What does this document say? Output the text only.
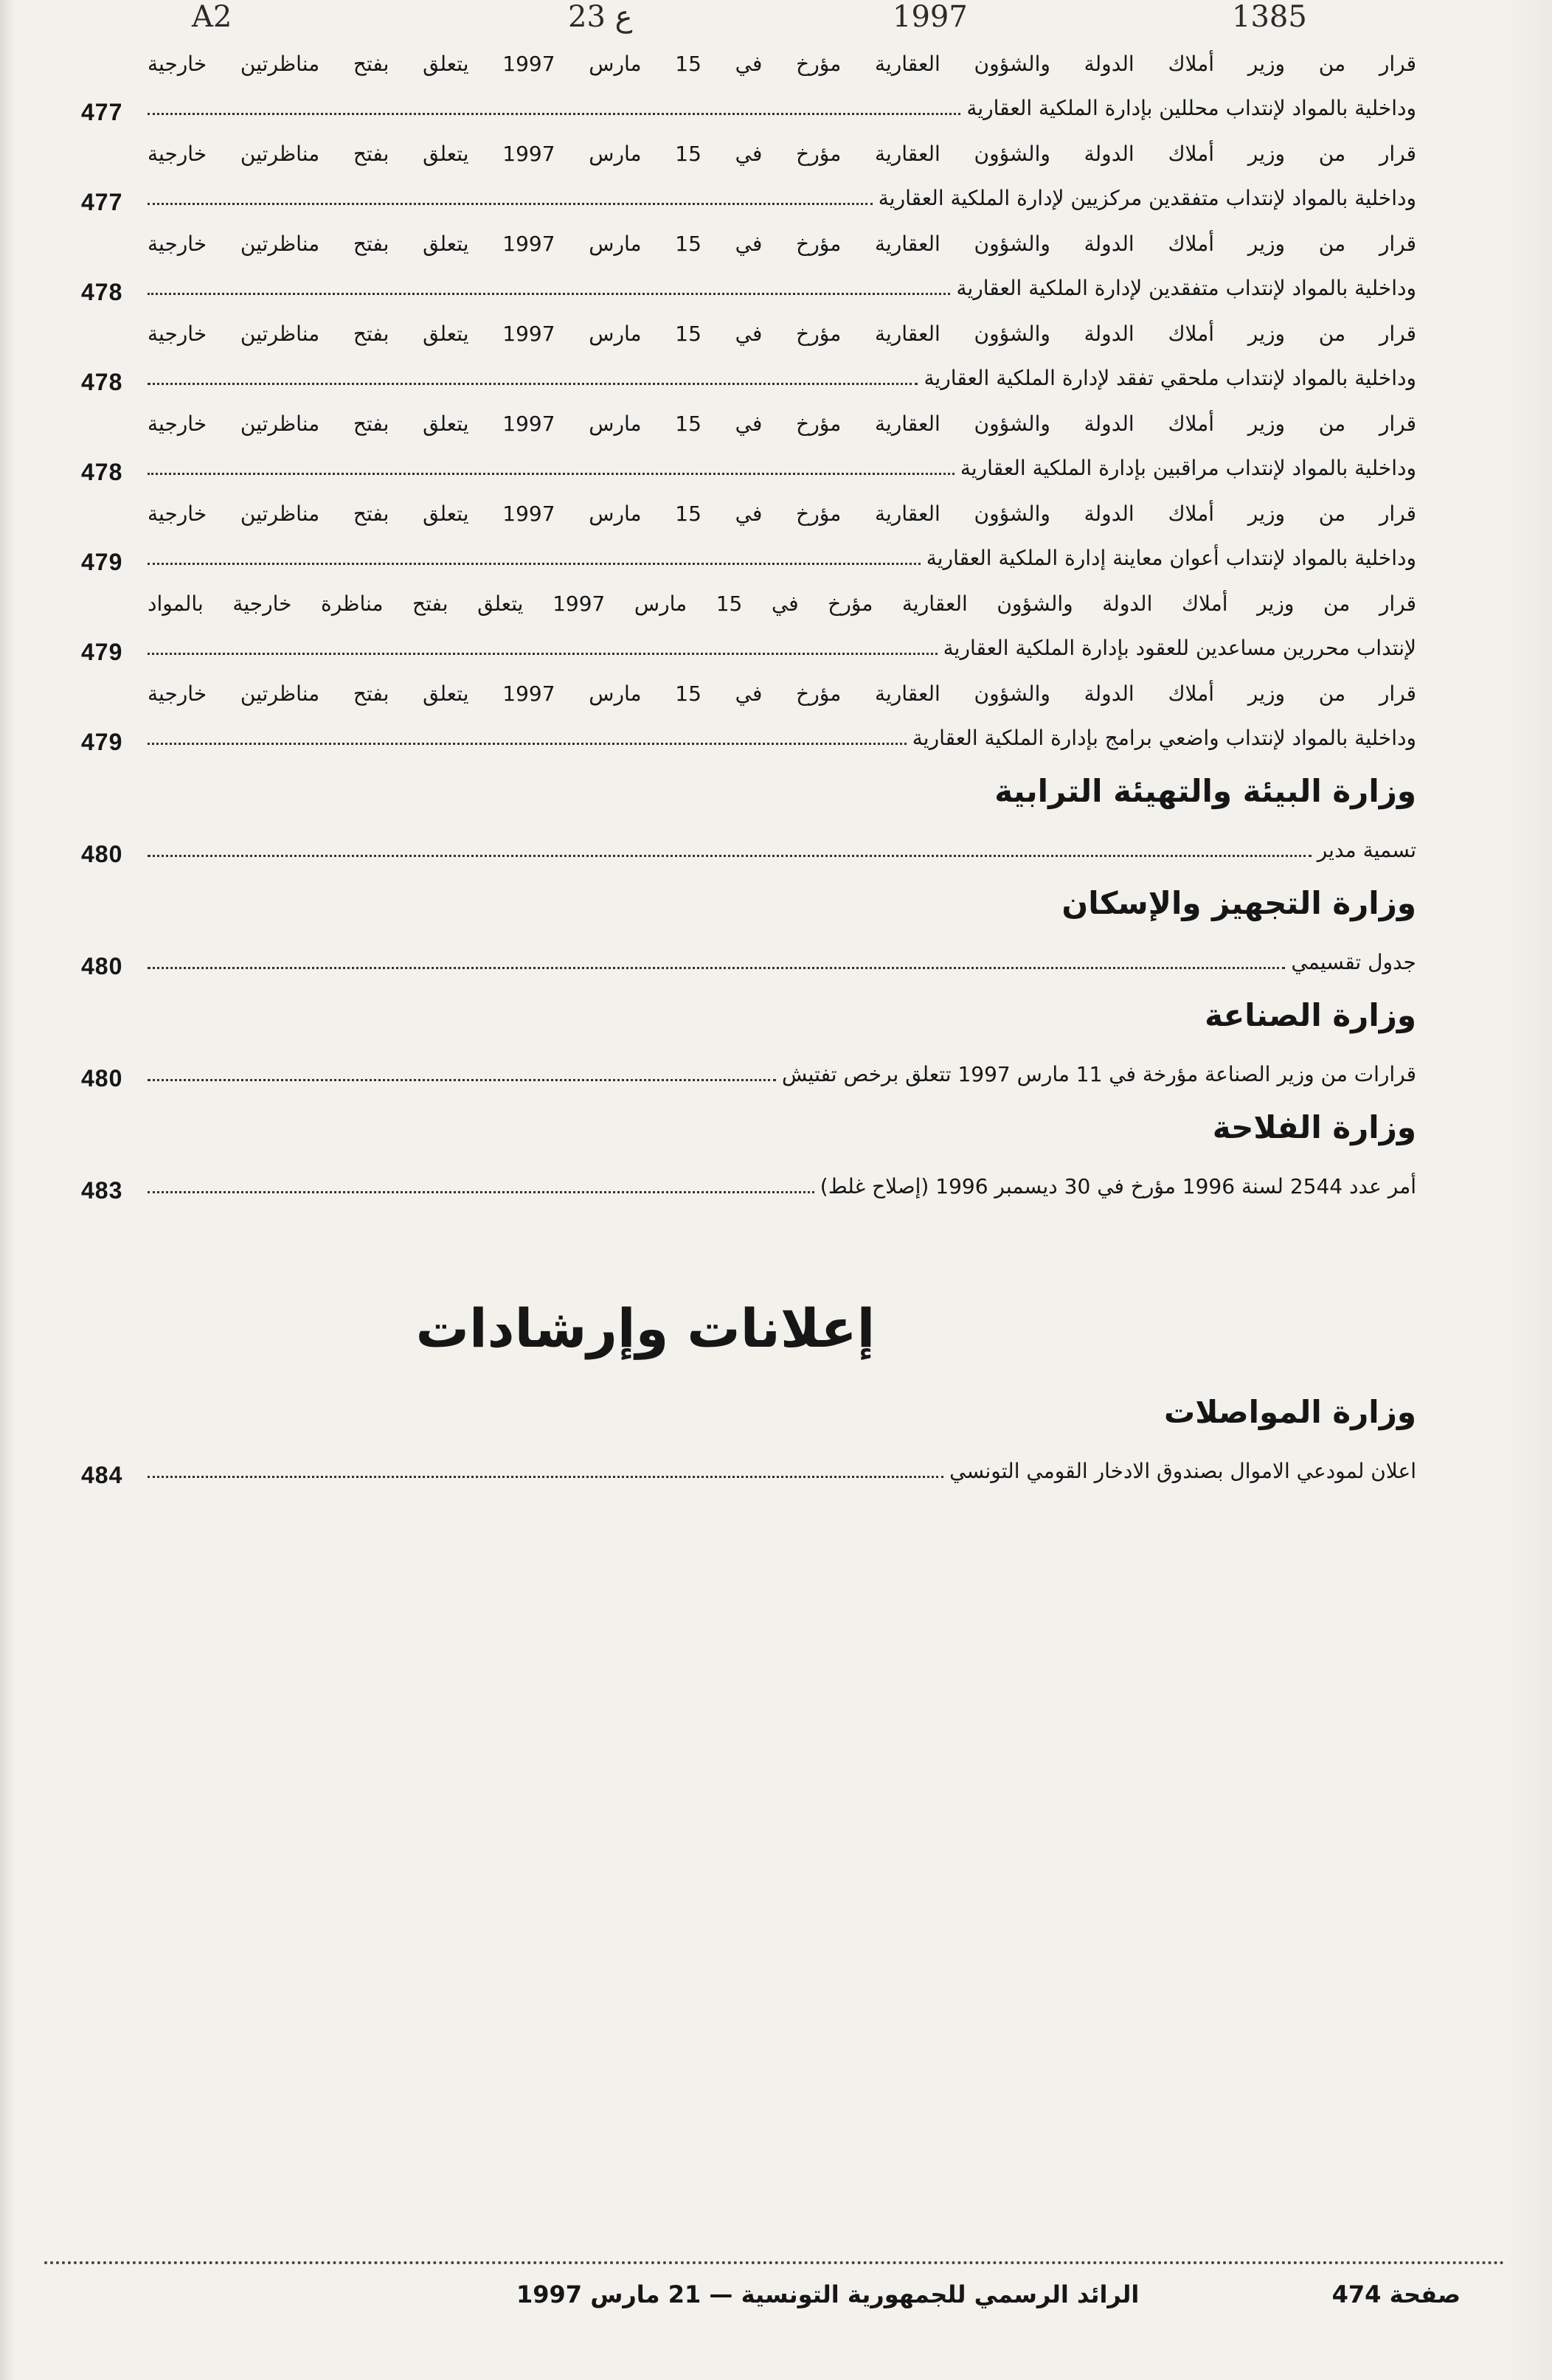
A2	23 ع	1997	1385
477
قرار من وزير أملاك الدولة والشؤون العقارية مؤرخ في 15 مارس 1997 يتعلق بفتح مناظرتين خارجية
وداخلية بالمواد لإنتداب محللين بإدارة الملكية العقارية
477
قرار من وزير أملاك الدولة والشؤون العقارية مؤرخ في 15 مارس 1997 يتعلق بفتح مناظرتين خارجية
وداخلية بالمواد لإنتداب متفقدين مركزيين لإدارة الملكية العقارية
478
قرار من وزير أملاك الدولة والشؤون العقارية مؤرخ في 15 مارس 1997 يتعلق بفتح مناظرتين خارجية
وداخلية بالمواد لإنتداب متفقدين لإدارة الملكية العقارية
478
قرار من وزير أملاك الدولة والشؤون العقارية مؤرخ في 15 مارس 1997 يتعلق بفتح مناظرتين خارجية
وداخلية بالمواد لإنتداب ملحقي تفقد لإدارة الملكية العقارية
478
قرار من وزير أملاك الدولة والشؤون العقارية مؤرخ في 15 مارس 1997 يتعلق بفتح مناظرتين خارجية
وداخلية بالمواد لإنتداب مراقبين بإدارة الملكية العقارية
479
قرار من وزير أملاك الدولة والشؤون العقارية مؤرخ في 15 مارس 1997 يتعلق بفتح مناظرتين خارجية
وداخلية بالمواد لإنتداب أعوان معاينة إدارة الملكية العقارية
479
قرار من وزير أملاك الدولة والشؤون العقارية مؤرخ في 15 مارس 1997 يتعلق بفتح مناظرة خارجية بالمواد
لإنتداب محررين مساعدين للعقود بإدارة الملكية العقارية
479
قرار من وزير أملاك الدولة والشؤون العقارية مؤرخ في 15 مارس 1997 يتعلق بفتح مناظرتين خارجية
وداخلية بالمواد لإنتداب واضعي برامج بإدارة الملكية العقارية
وزارة البيئة والتهيئة الترابية
480	تسمية مدير
وزارة التجهيز والإسكان
480	جدول تقسيمي
وزارة الصناعة
480	قرارات من وزير الصناعة مؤرخة في 11 مارس 1997 تتعلق برخص تفتيش
وزارة الفلاحة
483	أمر عدد 2544 لسنة 1996 مؤرخ في 30 ديسمبر 1996 (إصلاح غلط)
إعلانات وإرشادات
وزارة المواصلات
484	اعلان لمودعي الاموال بصندوق الادخار القومي التونسي
الرائد الرسمي للجمهورية التونسية — 21 مارس 1997	صفحة 474
